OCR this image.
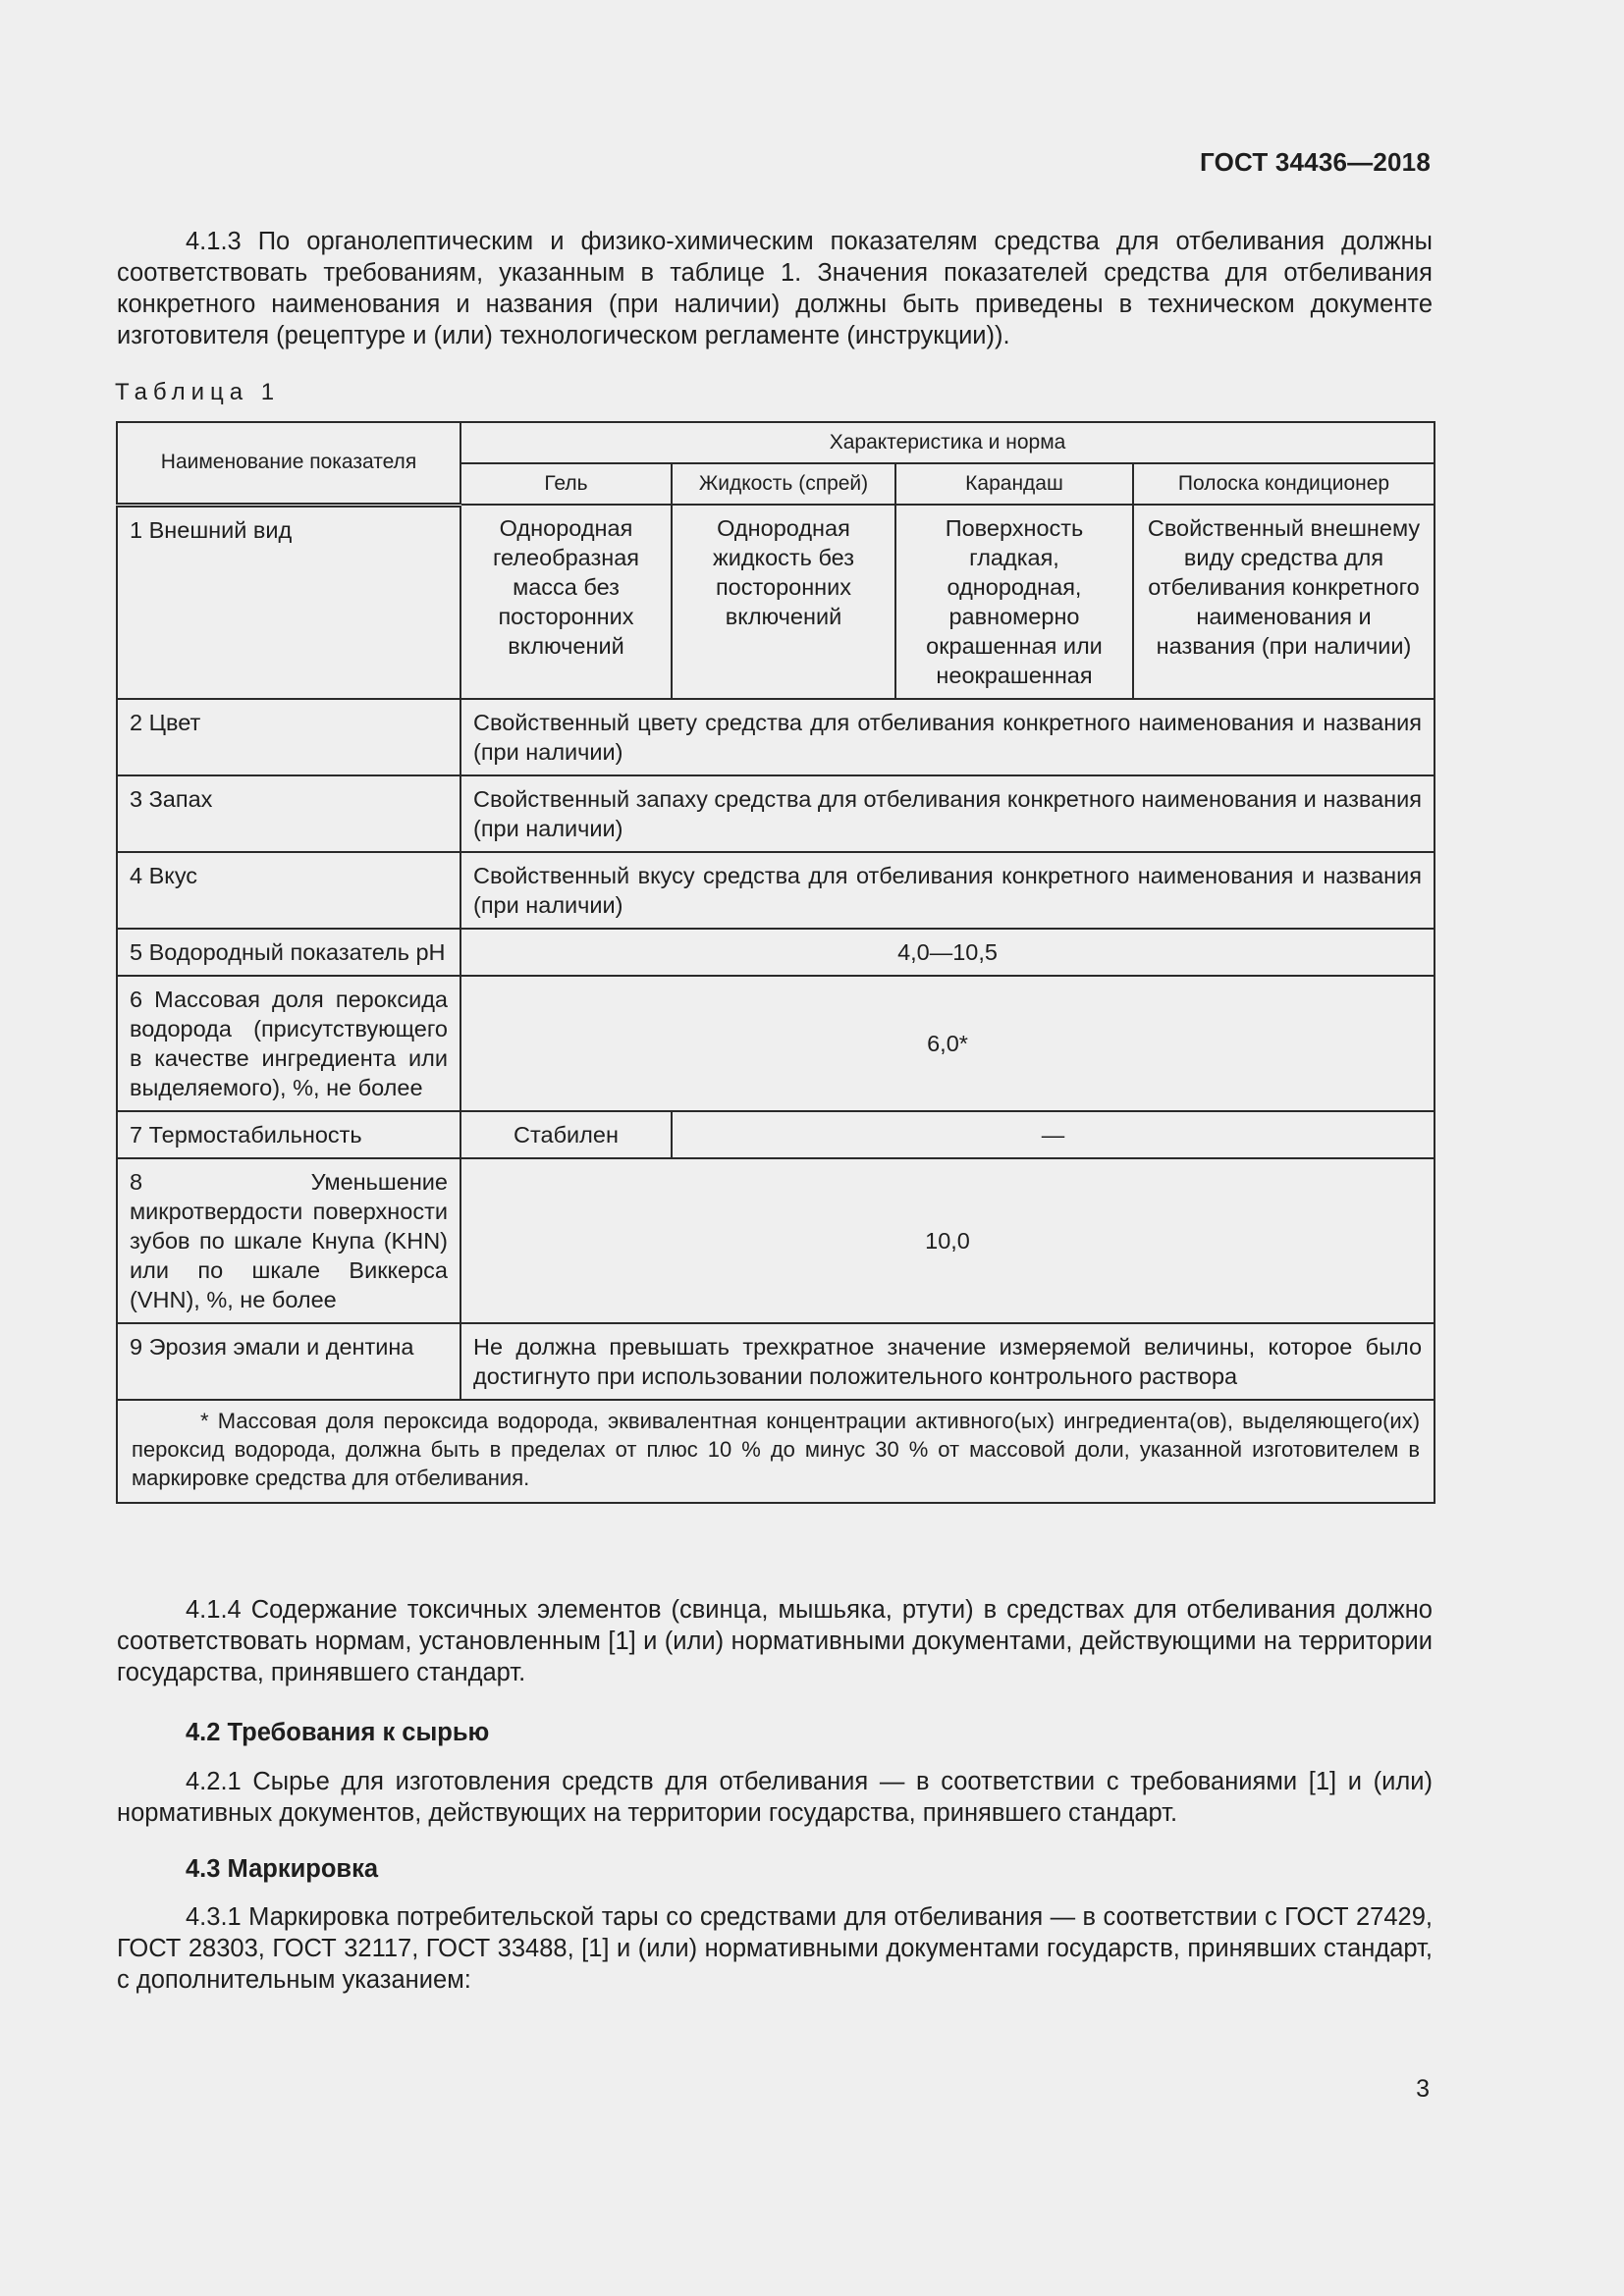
ГОСТ 34436—2018

4.1.3 По органолептическим и физико-химическим показателям средства для отбеливания должны соответствовать требованиям, указанным в таблице 1. Значения показателей средства для отбеливания конкретного наименования и названия (при наличии) должны быть приведены в техническом документе изготовителя (рецептуре и (или) технологическом регламенте (инструкции)).

Таблица 1
Наименование показателя	Характеристика и норма			
	Гель	Жидкость (спрей)	Карандаш	Полоска кондиционер
1 Внешний вид	Однородная гелеобразная масса без посторонних включений	Однородная жидкость без посторонних включений	Поверхность гладкая, однородная, равномерно окрашенная или неокрашенная	Свойственный внешнему виду средства для отбеливания конкретного наименования и названия (при наличии)
2 Цвет	Свойственный цвету средства для отбеливания конкретного наименования и названия (при наличии)			
3 Запах	Свойственный запаху средства для отбеливания конкретного наименования и названия (при наличии)			
4 Вкус	Свойственный вкусу средства для отбеливания конкретного наименования и названия (при наличии)			
5 Водородный показатель pH	4,0—10,5			
6 Массовая доля пероксида водорода (присутствующего в качестве ингредиента или выделяемого), %, не более	6,0*			
7 Термостабильность	Стабилен	—		
8 Уменьшение микротвердости поверхности зубов по шкале Кнупа (KHN) или по шкале Виккерса (VHN), %, не более	10,0			
9 Эрозия эмали и дентина	Не должна превышать трехкратное значение измеряемой величины, которое было достигнуто при использовании положительного контрольного раствора			

* Массовая доля пероксида водорода, эквивалентная концентрации активного(ых) ингредиента(ов), выделяющего(их) пероксид водорода, должна быть в пределах от плюс 10 % до минус 30 % от массовой доли, указанной изготовителем в маркировке средства для отбеливания.				

4.1.4 Содержание токсичных элементов (свинца, мышьяка, ртути) в средствах для отбеливания должно соответствовать нормам, установленным [1] и (или) нормативными документами, действующими на территории государства, принявшего стандарт.

4.2 Требования к сырью

4.2.1 Сырье для изготовления средств для отбеливания — в соответствии с требованиями [1] и (или) нормативных документов, действующих на территории государства, принявшего стандарт.

4.3 Маркировка

4.3.1 Маркировка потребительской тары со средствами для отбеливания — в соответствии с ГОСТ 27429, ГОСТ 28303, ГОСТ 32117, ГОСТ 33488, [1] и (или) нормативными документами государств, принявших стандарт, с дополнительным указанием:

3
